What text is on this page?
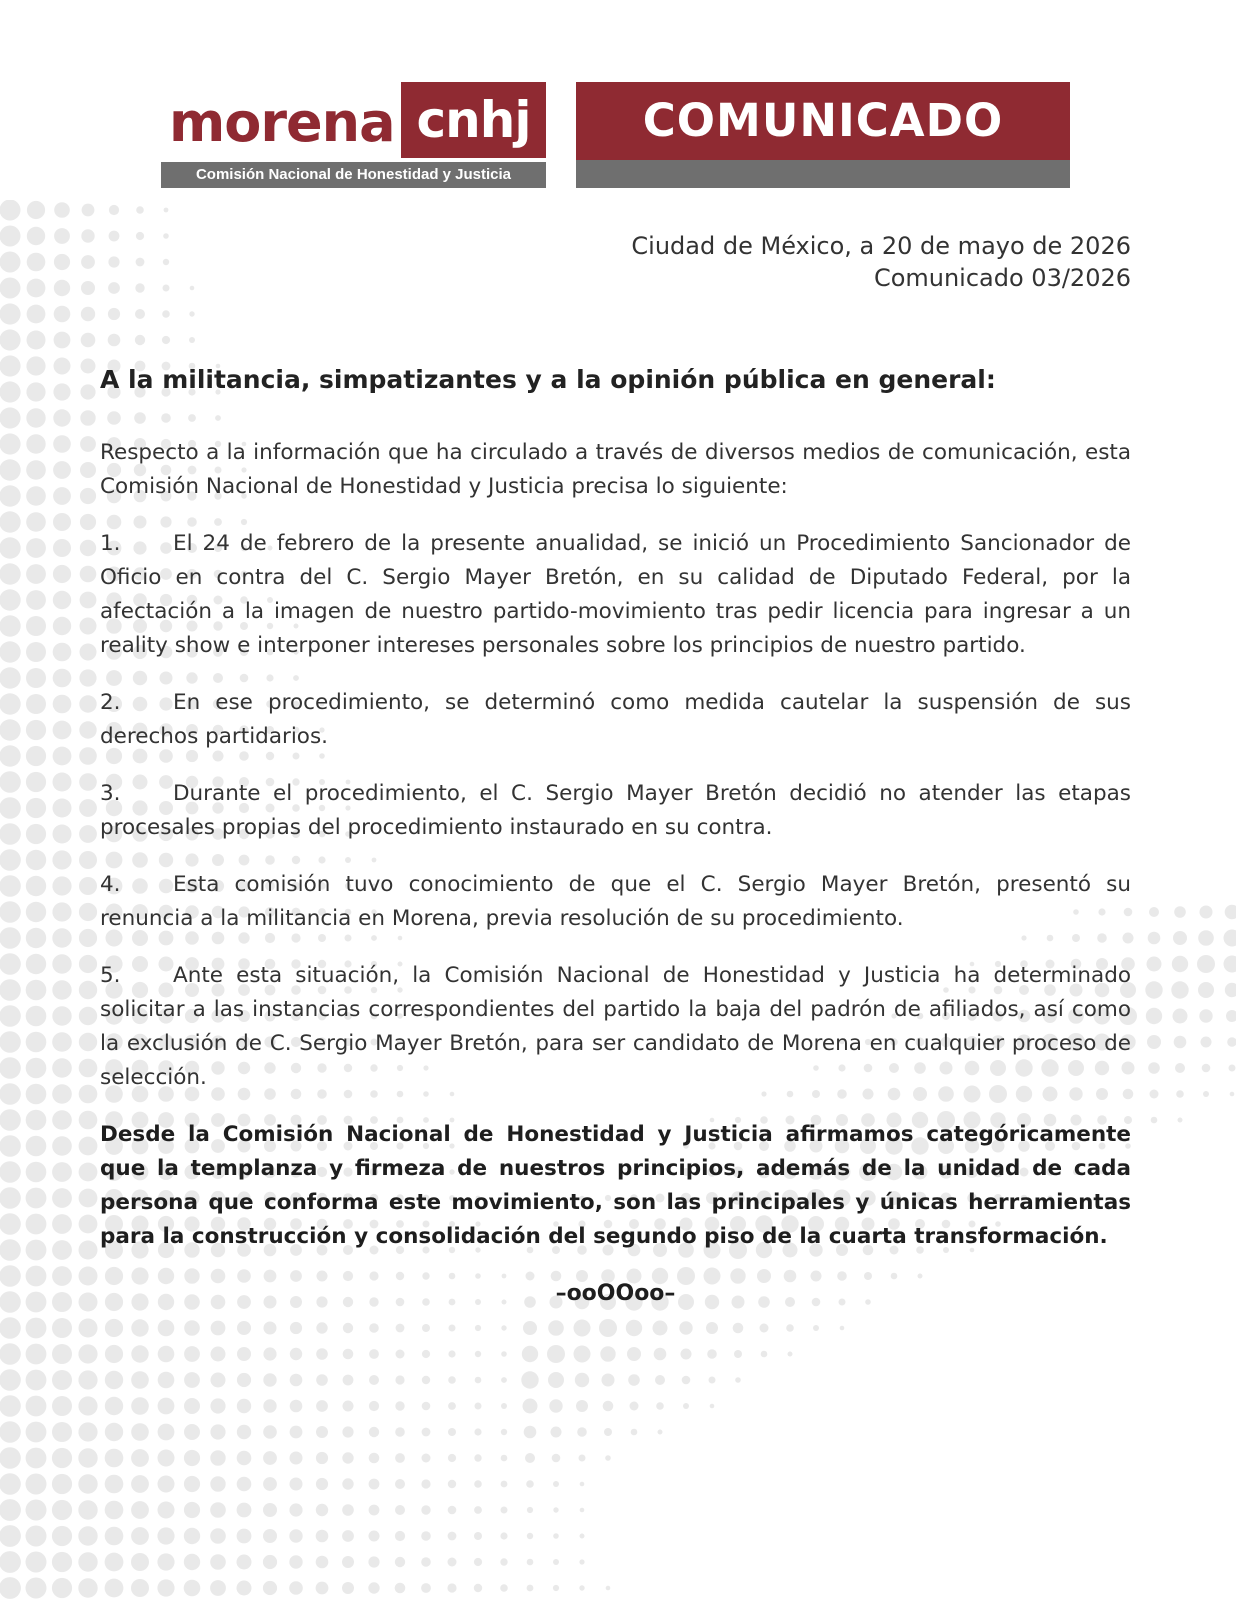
morena cnhj
Comisión Nacional de Honestidad y Justicia
COMUNICADO
Ciudad de México, a 20 de mayo de 2026
Comunicado 03/2026
A la militancia, simpatizantes y a la opinión pública en general:

Respecto a la información que ha circulado a través de diversos medios de comunicación, esta Comisión Nacional de Honestidad y Justicia precisa lo siguiente:

1. El 24 de febrero de la presente anualidad, se inició un Procedimiento Sancionador de Oficio en contra del C. Sergio Mayer Bretón, en su calidad de Diputado Federal, por la afectación a la imagen de nuestro partido-movimiento tras pedir licencia para ingresar a un reality show e interponer intereses personales sobre los principios de nuestro partido.

2. En ese procedimiento, se determinó como medida cautelar la suspensión de sus derechos partidarios.

3. Durante el procedimiento, el C. Sergio Mayer Bretón decidió no atender las etapas procesales propias del procedimiento instaurado en su contra.

4. Esta comisión tuvo conocimiento de que el C. Sergio Mayer Bretón, presentó su renuncia a la militancia en Morena, previa resolución de su procedimiento.

5. Ante esta situación, la Comisión Nacional de Honestidad y Justicia ha determinado solicitar a las instancias correspondientes del partido la baja del padrón de afiliados, así como la exclusión de C. Sergio Mayer Bretón, para ser candidato de Morena en cualquier proceso de selección.

Desde la Comisión Nacional de Honestidad y Justicia afirmamos categóricamente que la templanza y firmeza de nuestros principios, además de la unidad de cada persona que conforma este movimiento, son las principales y únicas herramientas para la construcción y consolidación del segundo piso de la cuarta transformación.

–ooOOoo–
